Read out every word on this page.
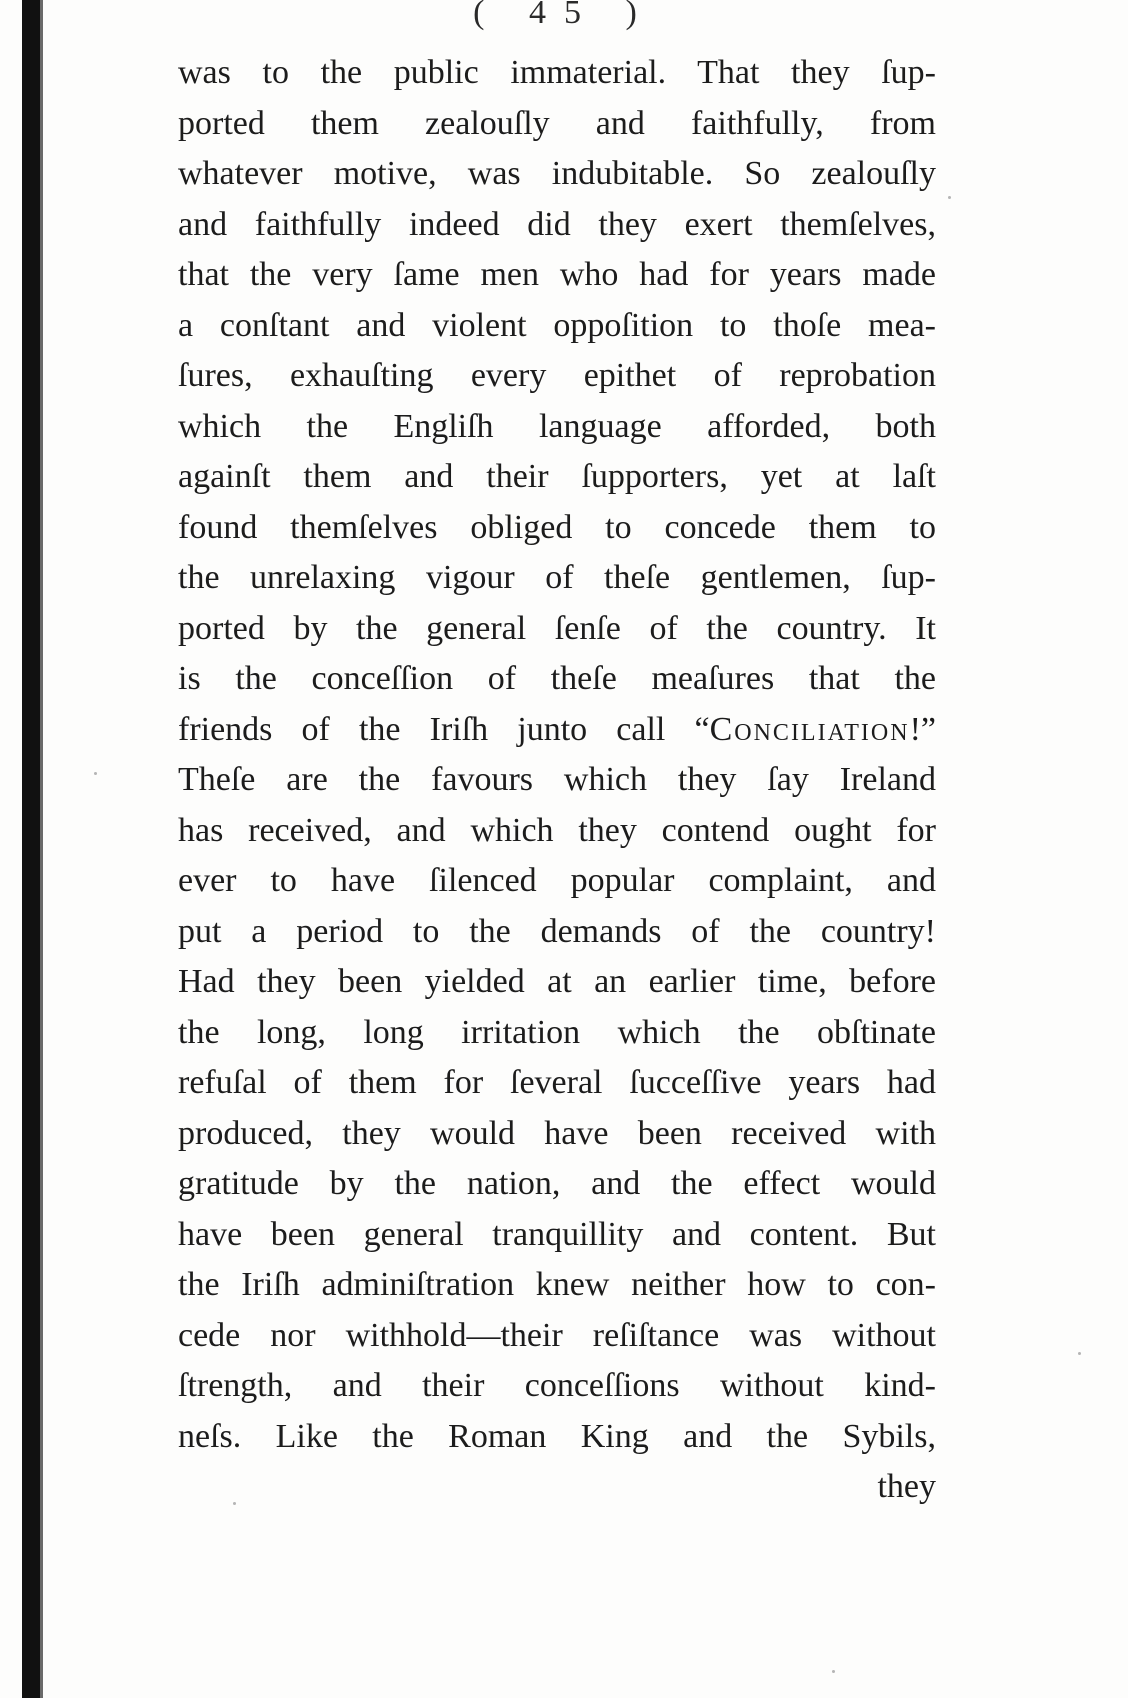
( 45 )
was to the public immaterial. That they ſup-
ported them zealouſly and faithfully, from
whatever motive, was indubitable. So zealouſly
and faithfully indeed did they exert themſelves,
that the very ſame men who had for years made
a conſtant and violent oppoſition to thoſe mea-
ſures, exhauſting every epithet of reprobation
which the Engliſh language afforded, both
againſt them and their ſupporters, yet at laſt
found themſelves obliged to concede them to
the unrelaxing vigour of theſe gentlemen, ſup-
ported by the general ſenſe of the country. It
is the conceſſion of theſe meaſures that the
friends of the Iriſh junto call “Conciliation!”
Theſe are the favours which they ſay Ireland
has received, and which they contend ought for
ever to have ſilenced popular complaint, and
put a period to the demands of the country!
Had they been yielded at an earlier time, before
the long, long irritation which the obſtinate
refuſal of them for ſeveral ſucceſſive years had
produced, they would have been received with
gratitude by the nation, and the effect would
have been general tranquillity and content. But
the Iriſh adminiſtration knew neither how to con-
cede nor withhold—their reſiſtance was without
ſtrength, and their conceſſions without kind-
neſs. Like the Roman King and the Sybils,
they
